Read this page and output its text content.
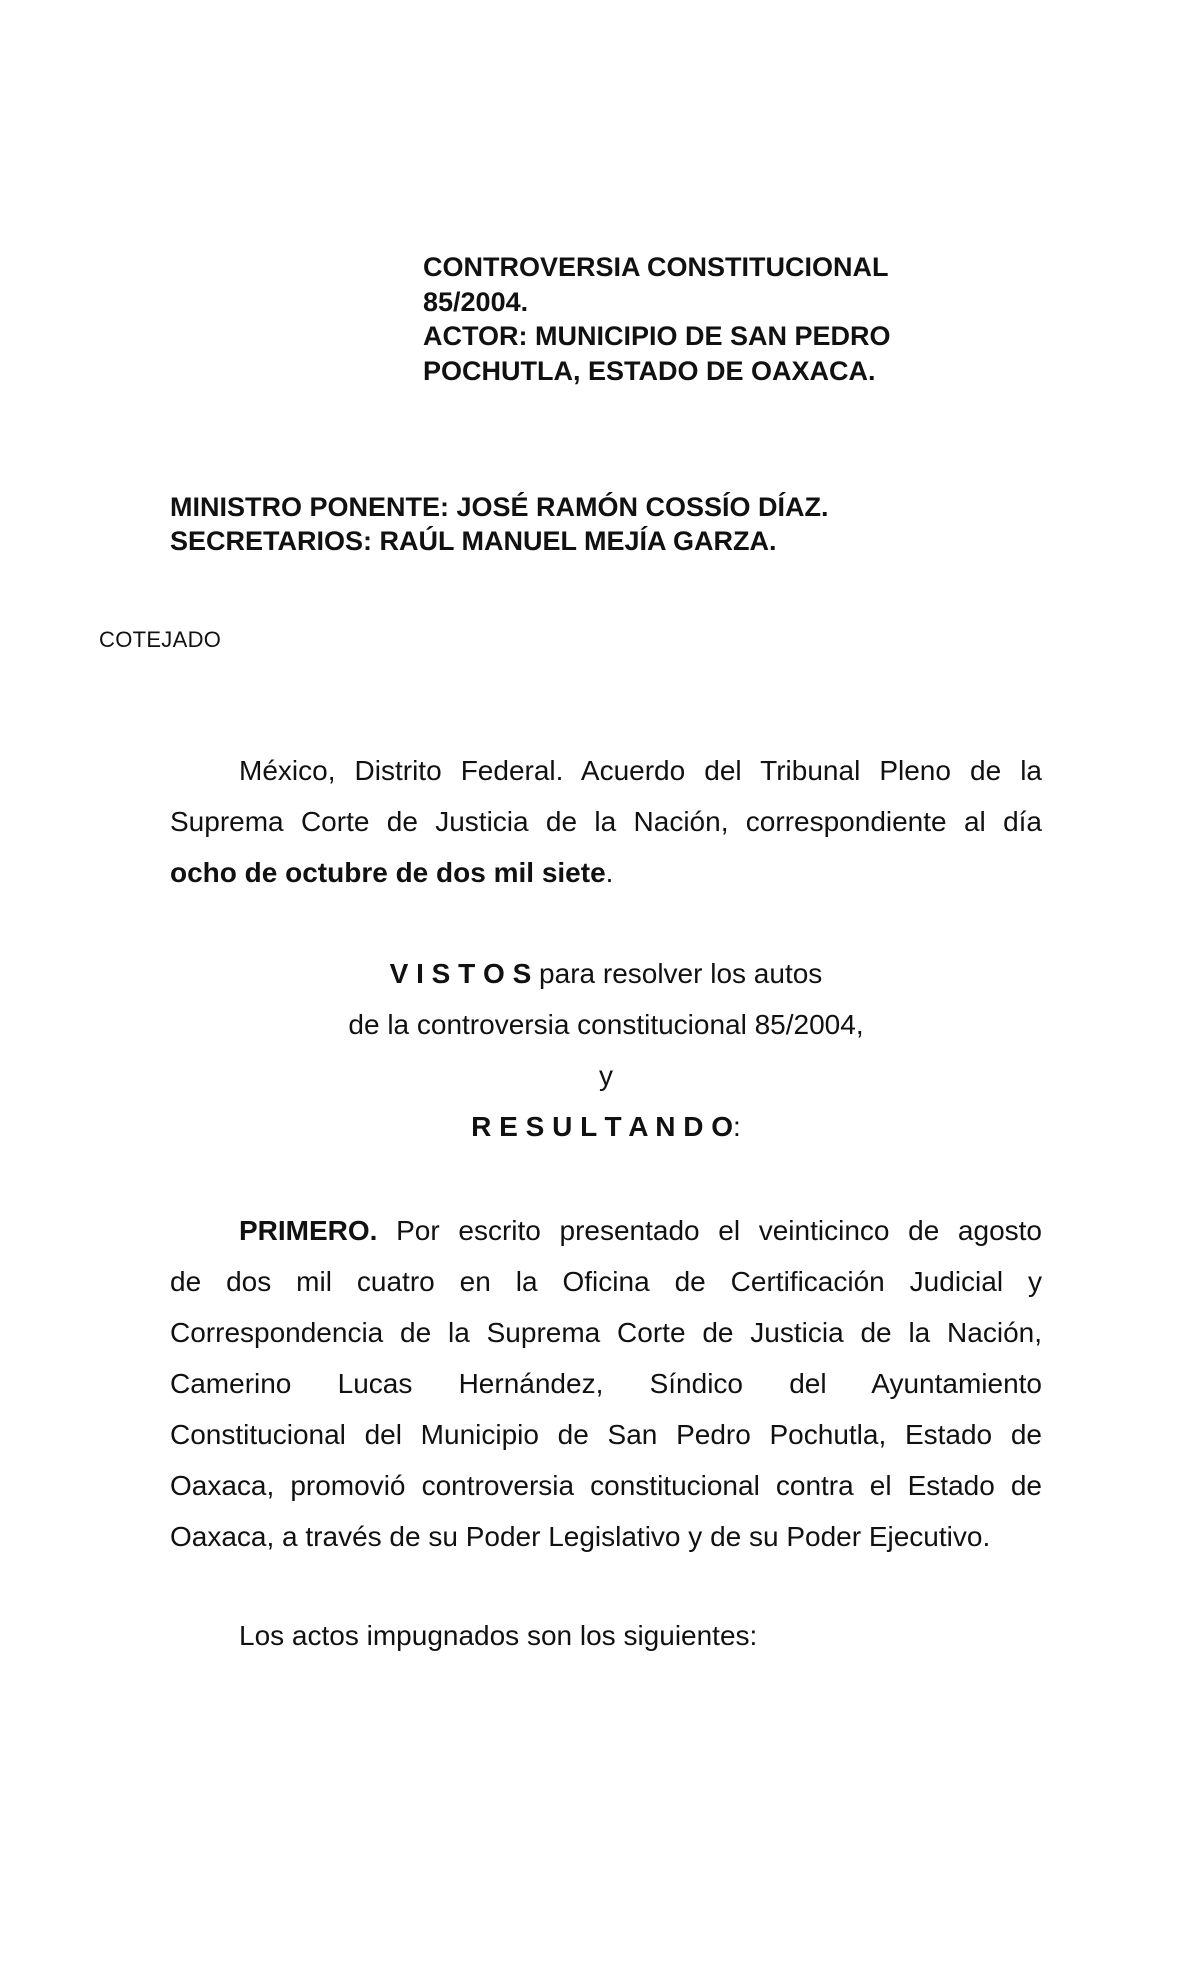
CONTROVERSIA CONSTITUCIONAL
85/2004.
ACTOR: MUNICIPIO DE SAN PEDRO
POCHUTLA, ESTADO DE OAXACA.
MINISTRO PONENTE: JOSÉ RAMÓN COSSÍO DÍAZ.
SECRETARIOS: RAÚL MANUEL MEJÍA GARZA.
COTEJADO
México, Distrito Federal. Acuerdo del Tribunal Pleno de la
Suprema Corte de Justicia de la Nación, correspondiente al día
ocho de octubre de dos mil siete.
V I S T O S para resolver los autos
de la controversia constitucional 85/2004,
y
R E S U L T A N D O:
PRIMERO. Por escrito presentado el veinticinco de agosto
de dos mil cuatro en la Oficina de Certificación Judicial y
Correspondencia de la Suprema Corte de Justicia de la Nación,
Camerino Lucas Hernández, Síndico del Ayuntamiento
Constitucional del Municipio de San Pedro Pochutla, Estado de
Oaxaca, promovió controversia constitucional contra el Estado de
Oaxaca, a través de su Poder Legislativo y de su Poder Ejecutivo.
Los actos impugnados son los siguientes:
